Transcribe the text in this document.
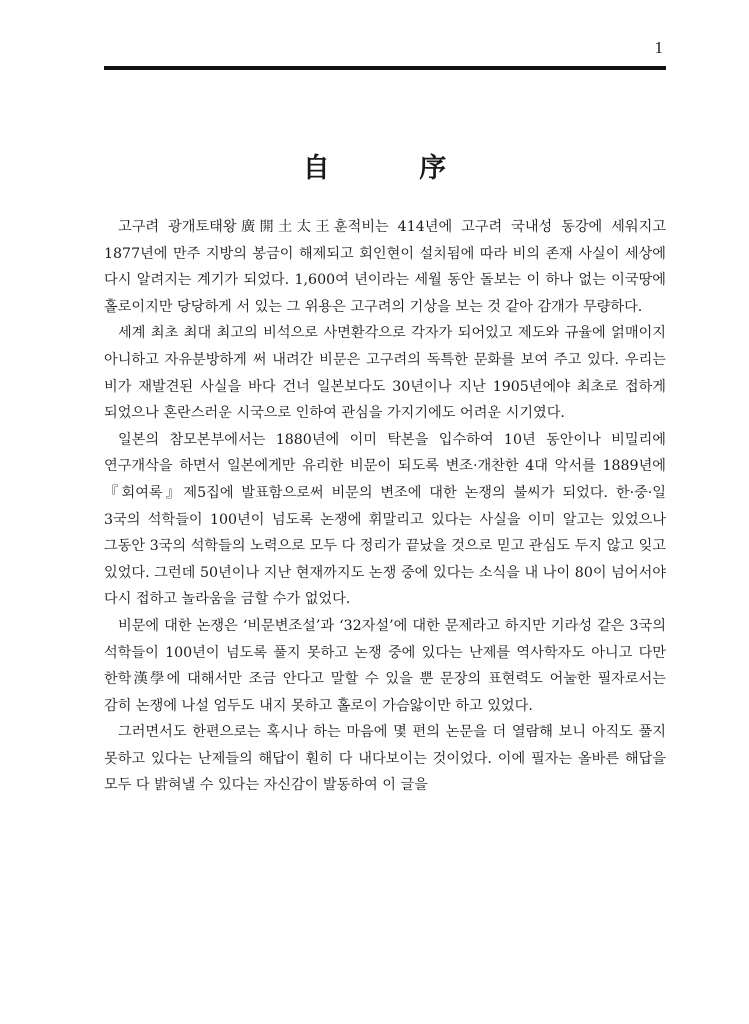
1
自 序

고구려 광개토태왕廣開土太王훈적비는 414년에 고구려 국내성 동강에 세워지고 1877년에 만주 지방의 봉금이 해제되고 회인현이 설치됨에 따라 비의 존재 사실이 세상에 다시 알려지는 계기가 되었다. 1,600여 년이라는 세월 동안 돌보는 이 하나 없는 이국땅에 홀로이지만 당당하게 서 있는 그 위용은 고구려의 기상을 보는 것 같아 감개가 무량하다.

세계 최초 최대 최고의 비석으로 사면환각으로 각자가 되어있고 제도와 규율에 얽매이지 아니하고 자유분방하게 써 내려간 비문은 고구려의 독특한 문화를 보여 주고 있다. 우리는 비가 재발견된 사실을 바다 건너 일본보다도 30년이나 지난 1905년에야 최초로 접하게 되었으나 혼란스러운 시국으로 인하여 관심을 가지기에도 어려운 시기였다.

일본의 참모본부에서는 1880년에 이미 탁본을 입수하여 10년 동안이나 비밀리에 연구개삭을 하면서 일본에게만 유리한 비문이 되도록 변조·개찬한 4대 악서를 1889년에『회여록』제5집에 발표함으로써 비문의 변조에 대한 논쟁의 불씨가 되었다. 한·중·일 3국의 석학들이 100년이 넘도록 논쟁에 휘말리고 있다는 사실을 이미 알고는 있었으나 그동안 3국의 석학들의 노력으로 모두 다 정리가 끝났을 것으로 믿고 관심도 두지 않고 잊고 있었다. 그런데 50년이나 지난 현재까지도 논쟁 중에 있다는 소식을 내 나이 80이 넘어서야 다시 접하고 놀라움을 금할 수가 없었다.

비문에 대한 논쟁은 ‘비문변조설’과 ‘32자설’에 대한 문제라고 하지만 기라성 같은 3국의 석학들이 100년이 넘도록 풀지 못하고 논쟁 중에 있다는 난제를 역사학자도 아니고 다만 한학漢學에 대해서만 조금 안다고 말할 수 있을 뿐 문장의 표현력도 어눌한 필자로서는 감히 논쟁에 나설 엄두도 내지 못하고 홀로이 가슴앓이만 하고 있었다.

그러면서도 한편으로는 혹시나 하는 마음에 몇 편의 논문을 더 열람해 보니 아직도 풀지 못하고 있다는 난제들의 해답이 훤히 다 내다보이는 것이었다. 이에 필자는 올바른 해답을 모두 다 밝혀낼 수 있다는 자신감이 발동하여 이 글을
